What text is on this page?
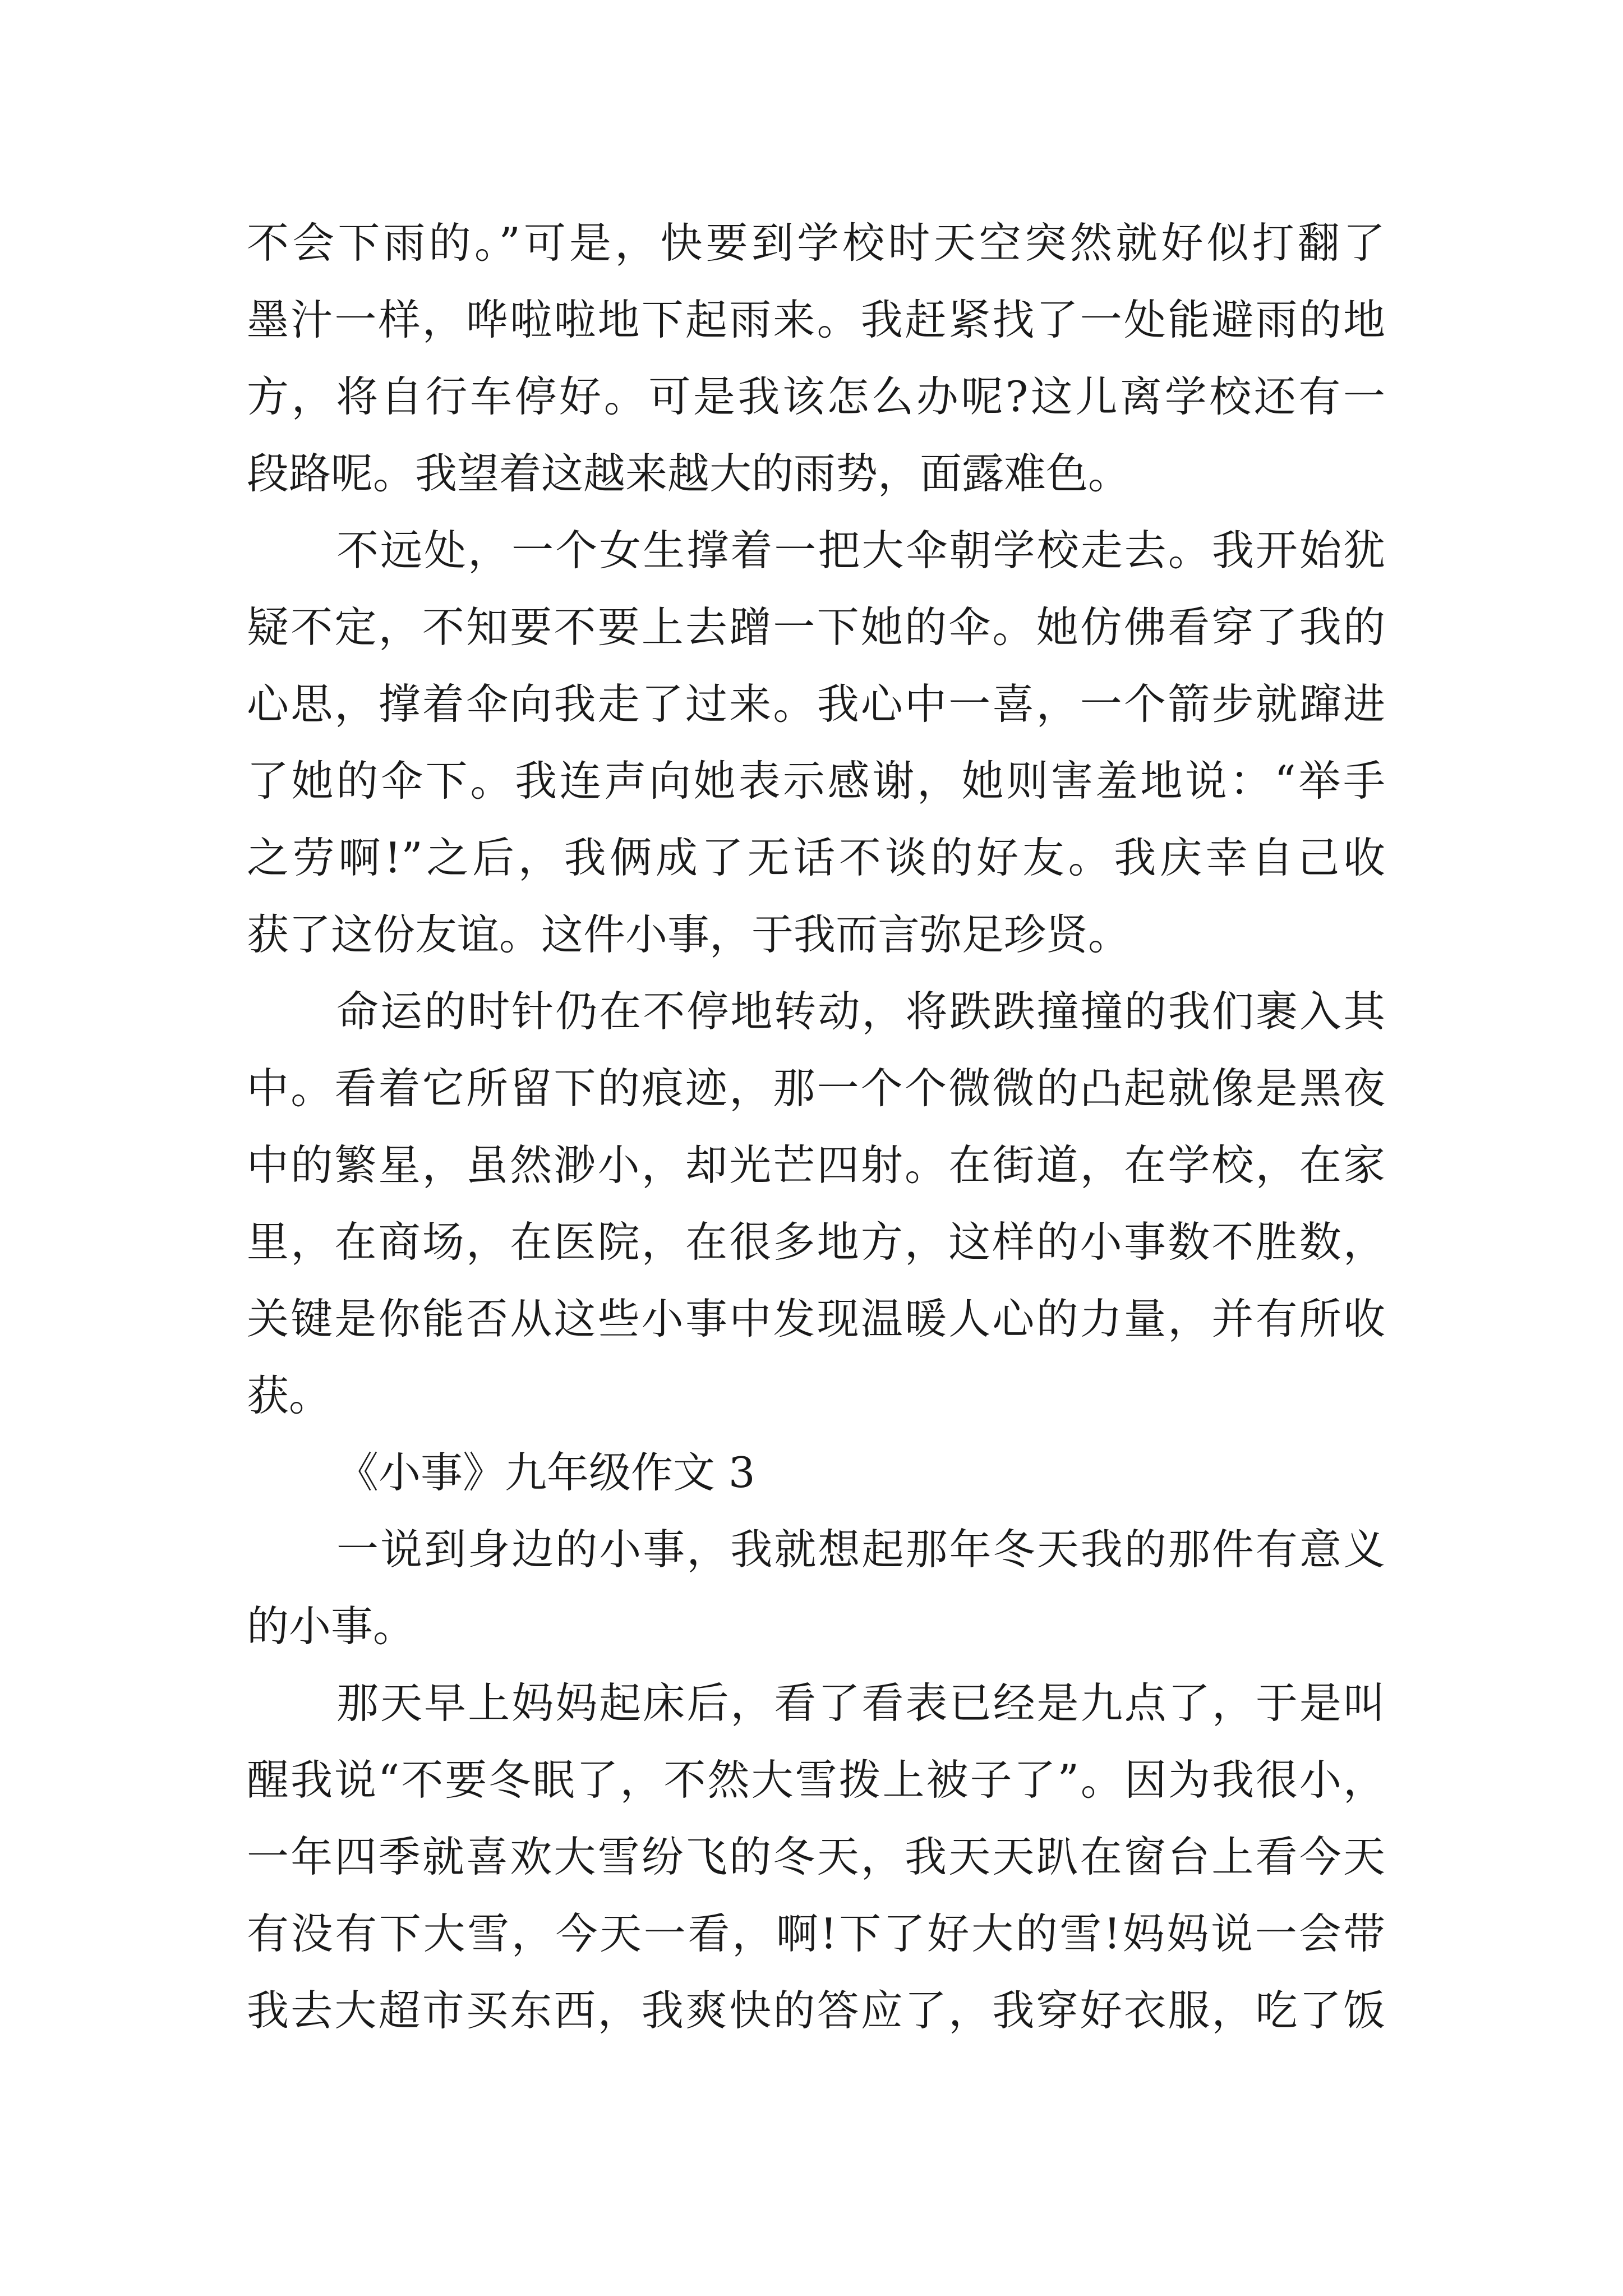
不会下雨的。”可是，快要到学校时天空突然就好似打翻了
墨汁一样，哗啦啦地下起雨来。我赶紧找了一处能避雨的地
方，将自行车停好。可是我该怎么办呢?这儿离学校还有一
段路呢。我望着这越来越大的雨势，面露难色。
不远处，一个女生撑着一把大伞朝学校走去。我开始犹
疑不定，不知要不要上去蹭一下她的伞。她仿佛看穿了我的
心思，撑着伞向我走了过来。我心中一喜，一个箭步就蹿进
了她的伞下。我连声向她表示感谢，她则害羞地说：“举手
之劳啊!”之后，我俩成了无话不谈的好友。我庆幸自己收
获了这份友谊。这件小事，于我而言弥足珍贤。
命运的时针仍在不停地转动，将跌跌撞撞的我们裹入其
中。看着它所留下的痕迹，那一个个微微的凸起就像是黑夜
中的繁星，虽然渺小，却光芒四射。在街道，在学校，在家
里，在商场，在医院，在很多地方，这样的小事数不胜数，
关键是你能否从这些小事中发现温暖人心的力量，并有所收
获。
《小事》九年级作文 3
一说到身边的小事，我就想起那年冬天我的那件有意义
的小事。
那天早上妈妈起床后，看了看表已经是九点了，于是叫
醒我说“不要冬眠了，不然大雪拨上被子了”。因为我很小，
一年四季就喜欢大雪纷飞的冬天，我天天趴在窗台上看今天
有没有下大雪，今天一看，啊!下了好大的雪!妈妈说一会带
我去大超市买东西，我爽快的答应了，我穿好衣服，吃了饭
